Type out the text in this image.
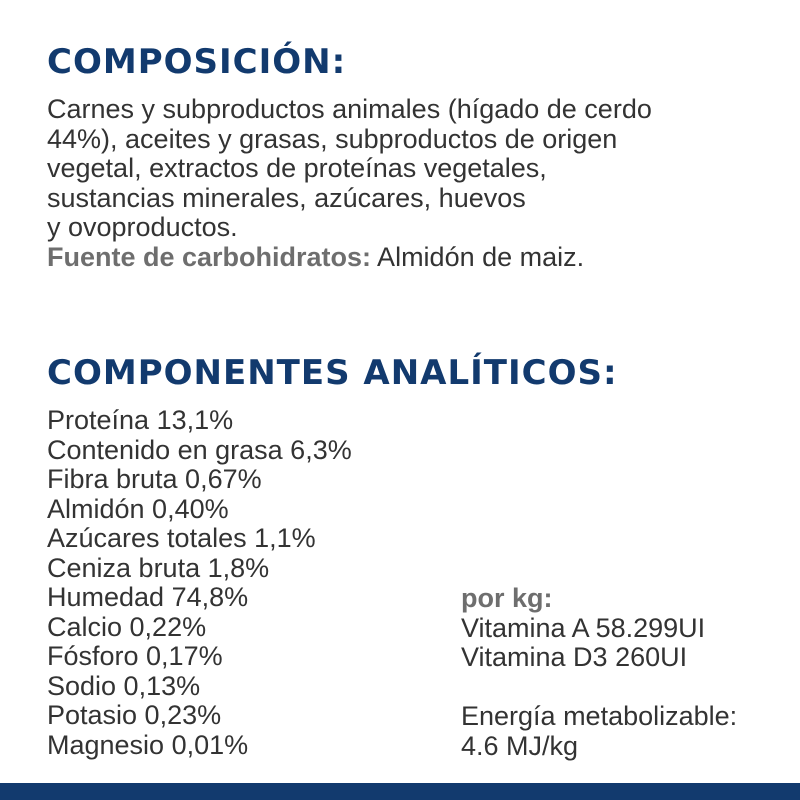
COMPOSICIÓN:
Carnes y subproductos animales (hígado de cerdo
44%), aceites y grasas, subproductos de origen
vegetal, extractos de proteínas vegetales,
sustancias minerales, azúcares, huevos
y ovoproductos.
Fuente de carbohidratos: Almidón de maiz.
COMPONENTES ANALÍTICOS:
Proteína 13,1%
Contenido en grasa 6,3%
Fibra bruta 0,67%
Almidón 0,40%
Azúcares totales 1,1%
Ceniza bruta 1,8%
Humedad 74,8%
Calcio 0,22%
Fósforo 0,17%
Sodio 0,13%
Potasio 0,23%
Magnesio 0,01%
por kg:
Vitamina A 58.299UI
Vitamina D3 260UI
Energía metabolizable:
4.6 MJ/kg
